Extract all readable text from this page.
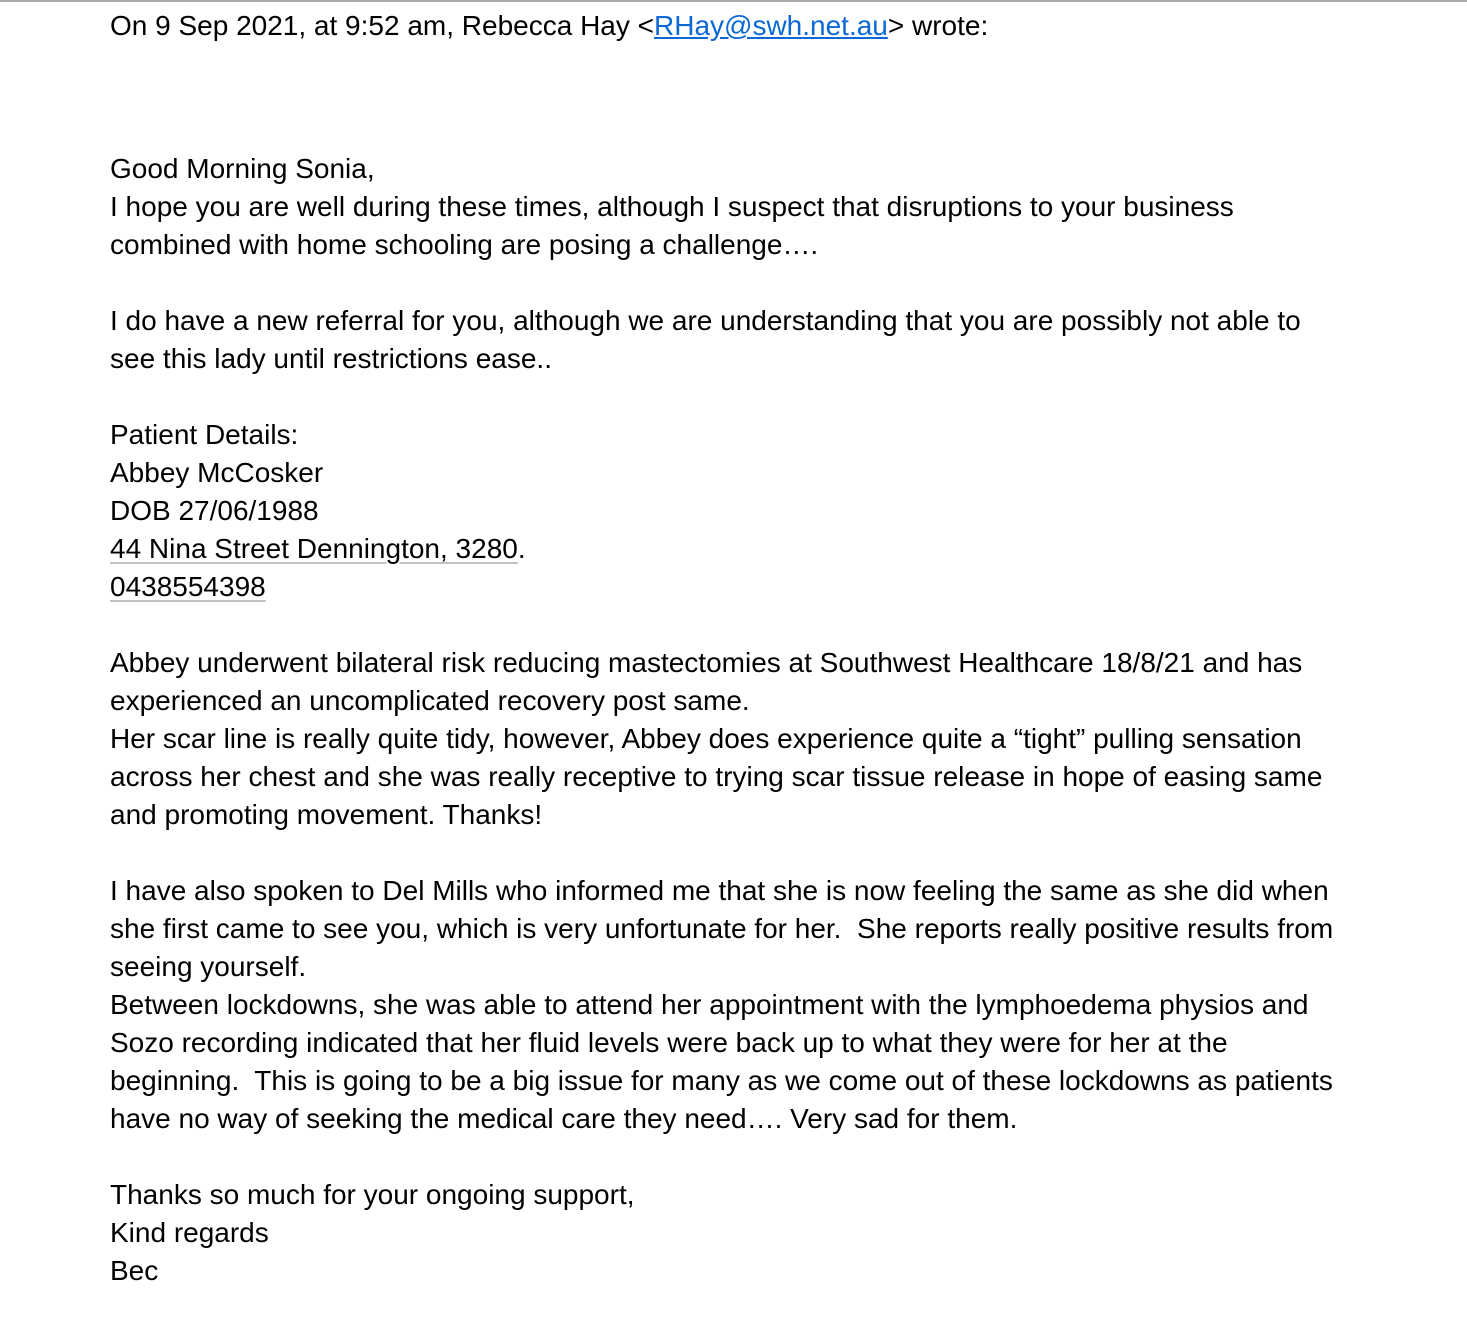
On 9 Sep 2021, at 9:52 am, Rebecca Hay <RHay@swh.net.au> wrote:
Good Morning Sonia,
I hope you are well during these times, although I suspect that disruptions to your business
combined with home schooling are posing a challenge….
I do have a new referral for you, although we are understanding that you are possibly not able to
see this lady until restrictions ease..
Patient Details:
Abbey McCosker
DOB 27/06/1988
44 Nina Street Dennington, 3280.
0438554398
Abbey underwent bilateral risk reducing mastectomies at Southwest Healthcare 18/8/21 and has
experienced an uncomplicated recovery post same.
Her scar line is really quite tidy, however, Abbey does experience quite a “tight” pulling sensation
across her chest and she was really receptive to trying scar tissue release in hope of easing same
and promoting movement. Thanks!
I have also spoken to Del Mills who informed me that she is now feeling the same as she did when
she first came to see you, which is very unfortunate for her.  She reports really positive results from
seeing yourself.
Between lockdowns, she was able to attend her appointment with the lymphoedema physios and
Sozo recording indicated that her fluid levels were back up to what they were for her at the
beginning.  This is going to be a big issue for many as we come out of these lockdowns as patients
have no way of seeking the medical care they need…. Very sad for them.
Thanks so much for your ongoing support,
Kind regards
Bec
